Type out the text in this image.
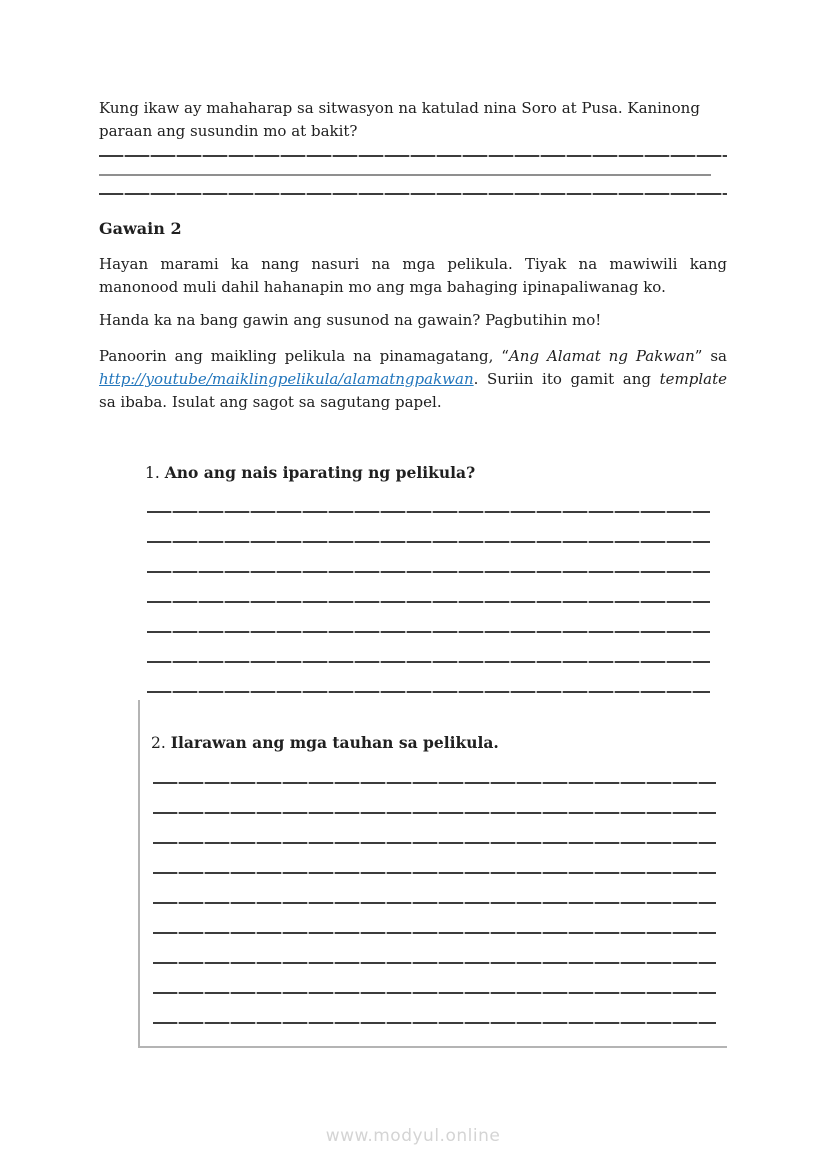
Kung ikaw ay mahaharap sa sitwasyon na katulad nina Soro at Pusa. Kaninong paraan ang susundin mo at bakit?

Gawain 2

Hayan marami ka nang nasuri na mga pelikula. Tiyak na mawiwili kang manonood muli dahil hahanapin mo ang mga bahaging ipinapaliwanag ko.

Handa ka na bang gawin ang susunod na gawain? Pagbutihin mo!

Panoorin ang maikling pelikula na pinamagatang, “Ang Alamat ng Pakwan” sa http://youtube/maiklingpelikula/alamatngpakwan. Suriin ito gamit ang template sa ibaba. Isulat ang sagot sa sagutang papel.

1. Ano ang nais iparating ng pelikula?
2. Ilarawan ang mga tauhan sa pelikula.
www.modyul.online
